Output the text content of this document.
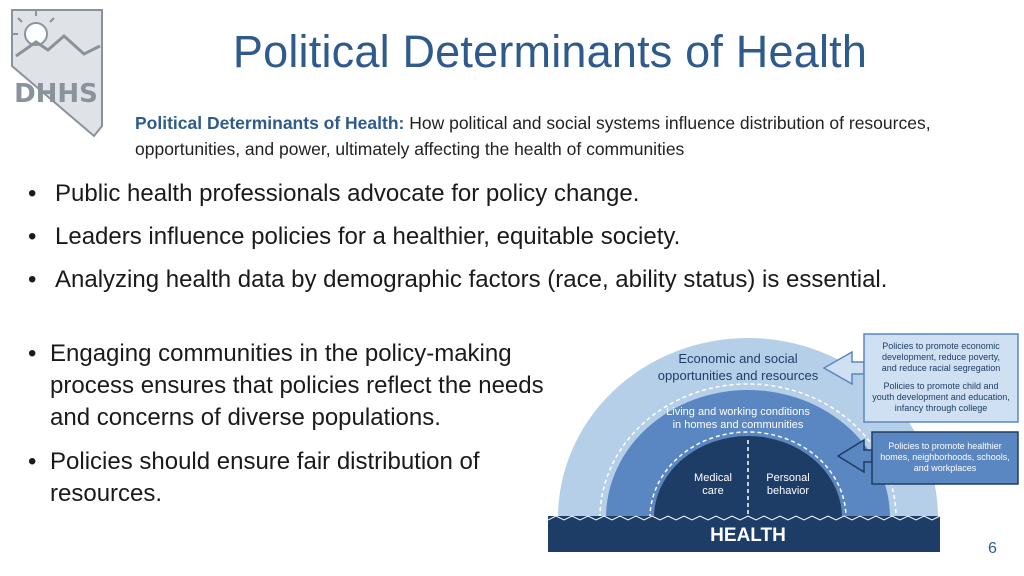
DHHS
Political Determinants of Health
Political Determinants of Health: How political and social systems influence distribution of resources, opportunities, and power, ultimately affecting the health of communities
• Public health professionals advocate for policy change.
• Leaders influence policies for a healthier, equitable society.
• Analyzing health data by demographic factors (race, ability status) is essential.
• Engaging communities in the policy-making process ensures that policies reflect the needs and concerns of diverse populations.
• Policies should ensure fair distribution of resources.
Economic and social
opportunities and resources
Living and working conditions
in homes and communities
Medical
care
Personal
behavior
HEALTH
Policies to promote economic
development, reduce poverty,
and reduce racial segregation
Policies to promote child and
youth development and education,
infancy through college
Policies to promote healthier
homes, neighborhoods, schools,
and workplaces
6
